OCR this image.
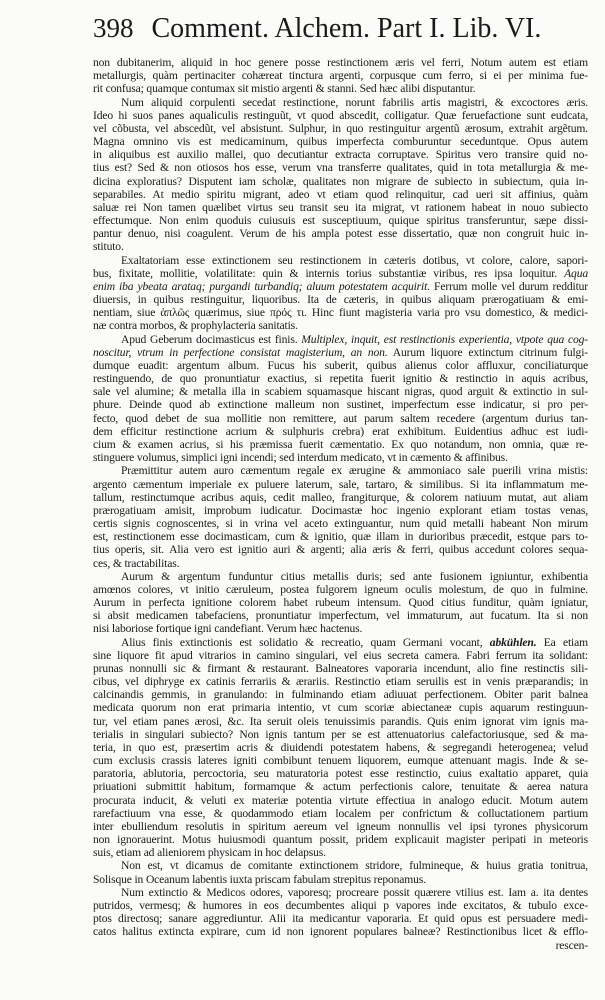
398 Comment. Alchem. Part I. Lib. VI.
non dubitanerim, aliquid in hoc genere posse restinctionem æris vel ferri, Notum autem est etiam
metallurgis, quàm pertinaciter cohæreat tinctura argenti, corpusque cum ferro, si ei per minima fue-
rit confusa; quamque contumax sit mistio argenti & stanni. Sed hæc alibi disputantur.
Num aliquid corpulenti secedat restinctione, norunt fabrilis artis magistri, & excoctores æris.
Ideo hi suos panes aqualiculis restinguũt, vt quod abscedit, colligatur. Quæ feruefactione sunt eudcata,
vel cõbusta, vel abscedũt, vel absistunt. Sulphur, in quo restinguitur argentũ ærosum, extrahit argẽtum.
Magna omnino vis est medicaminum, quibus imperfecta comburuntur seceduntque. Opus autem
in aliquibus est auxilio mallei, quo decutiantur extracta corruptave. Spiritus vero transire quid no-
tius est? Sed & non otiosos hos esse, verum vna transferre qualitates, quid in tota metallurgia & me-
dicina exploratius? Disputent iam scholæ, qualitates non migrare de subiecto in subiectum, quia in-
separabiles. At medio spiritu migrant, adeo vt etiam quod relinquitur, cad ueri sit affinius, quàm
saluæ rei Non tamen quælibet virtus seu transit seu ita migrat, vt rationem habeat in nouo subiecto
effectumque. Non enim quoduis cuiusuis est susceptiuum, quique spiritus transferuntur, sæpe dissi-
pantur denuo, nisi coagulent. Verum de his ampla potest esse dissertatio, quæ non congruit huic in-
stituto.
Exaltatoriam esse extinctionem seu restinctionem in cæteris dotibus, vt colore, calore, sapori-
bus, fixitate, mollitie, volatilitate: quin & internis torius substantiæ viribus, res ipsa loquitur. Aqua
enim iba ybeata arataq; purgandi turbandiq; aluum potestatem acquirit. Ferrum molle vel durum redditur
diuersis, in quibus restinguitur, liquoribus. Ita de cæteris, in quibus aliquam prærogatiuam & emi-
nentiam, siue ἁπλῶς quærimus, siue πρός τι. Hinc fiunt magisteria varia pro vsu domestico, & medici-
næ contra morbos, & prophylacteria sanitatis.
Apud Geberum docimasticus est finis. Multiplex, inquit, est restinctionis experientia, vtpote qua cog-
noscitur, vtrum in perfectione consistat magisterium, an non. Aurum liquore extinctum citrinum fulgi-
dumque euadit: argentum album. Fucus his suberit, quibus alienus color affluxur, conciliaturque
restinguendo, de quo pronuntiatur exactius, si repetita fuerit ignitio & restinctio in aquis acribus,
sale vel alumine; & metalla illa in scabiem squamasque hiscant nigras, quod arguit & extinctio in sul-
phure. Deinde quod ab extinctione malleum non sustinet, imperfectum esse indicatur, si pro per-
fecto, quod debet de sua mollitie non remittere, aut parum saltem recedere (argentum durius tan-
dem efficitur restinctione acrium & sulphuris crebra) erat exhibitum. Euidentius adhuc est iudi-
cium & examen acrius, si his præmissa fuerit cæmentatio. Ex quo notandum, non omnia, quæ re-
stinguere volumus, simplici igni incendi; sed interdum medicato, vt in cæmento & affinibus.
Præmittitur autem auro cæmentum regale ex ærugine & ammoniaco sale puerili vrina mistis:
argento cæmentum imperiale ex puluere laterum, sale, tartaro, & similibus. Si ita inflammatum me-
tallum, restinctumque acribus aquis, cedit malleo, frangiturque, & colorem natiuum mutat, aut aliam
prærogatiuam amisit, improbum iudicatur. Docimastæ hoc ingenio explorant etiam tostas venas,
certis signis cognoscentes, si in vrina vel aceto extinguantur, num quid metalli habeant Non mirum
est, restinctionem esse docimasticam, cum & ignitio, quæ illam in durioribus præcedit, estque pars to-
tius operis, sit. Alia vero est ignitio auri & argenti; alia æris & ferri, quibus accedunt colores sequa-
ces, & tractabilitas.
Aurum & argentum funduntur citius metallis duris; sed ante fusionem igniuntur, exhibentia
amœnos colores, vt initio cæruleum, postea fulgorem igneum oculis molestum, de quo in fulmine.
Aurum in perfecta ignitione colorem habet rubeum intensum. Quod citius funditur, quàm igniatur,
si absit medicamen tabefaciens, pronuntiatur imperfectum, vel immaturum, aut fucatum. Ita si non
nisi laboriose fortique igni candefiant. Verum hæc hactenus.
Alius finis extinctionis est solidatio & recreatio, quam Germani vocant, abkühlen. Ea etiam
sine liquore fit apud vitrarios in camino singulari, vel eius secreta camera. Fabri ferrum ita solidant:
prunas nonnulli sic & firmant & restaurant. Balneatores vaporaria incendunt, alio fine restinctis sili-
cibus, vel diphryge ex catinis ferrariis & ærariis. Restinctio etiam seruilis est in venis præparandis; in
calcinandis gemmis, in granulando: in fulminando etiam adiuuat perfectionem. Obiter parit balnea
medicata quorum non erat primaria intentio, vt cum scoriæ abiectaneæ cupis aquarum restinguun-
tur, vel etiam panes ærosi, &c. Ita seruit oleis tenuissimis parandis. Quis enim ignorat vim ignis ma-
terialis in singulari subiecto? Non ignis tantum per se est attenuatorius calefactoriusque, sed & ma-
teria, in quo est, præsertim acris & diuidendi potestatem habens, & segregandi heterogenea; velud
cum exclusis crassis lateres igniti combibunt tenuem liquorem, eumque attenuant magis. Inde & se-
paratoria, ablutoria, percoctoria, seu maturatoria potest esse restinctio, cuius exaltatio apparet, quia
priuationi submittit habitum, formamque & actum perfectionis calore, tenuitate & aerea natura
procurata inducit, & veluti ex materiæ potentia virtute effectiua in analogo educit. Motum autem
rarefactiuum vna esse, & quodammodo etiam localem per confrictum & colluctationem partium
inter ebulliendum resolutis in spiritum aereum vel igneum nonnullis vel ipsi tyrones physicorum
non ignorauerint. Motus huiusmodi quantum possit, pridem explicauit magister peripati in meteoris
suis, etiam ad alieniorem physicam in hoc delapsus.
Non est, vt dicamus de comitante extinctionem stridore, fulmineque, & huius gratia tonitrua,
Solisque in Oceanum labentis iuxta priscam fabulam strepitus reponamus.
Num extinctio & Medicos odores, vaporesq; procreare possit quærere vtilius est. Iam a. ita dentes
putridos, vermesq; & humores in eos decumbentes aliqui p vapores inde excitatos, & tubulo exce-
ptos directosq; sanare aggrediuntur. Alii ita medicantur vaporaria. Et quid opus est persuadere medi-
catos halitus extincta expirare, cum id non ignorent populares balneæ? Restinctionibus licet & efflo-
rescen-
